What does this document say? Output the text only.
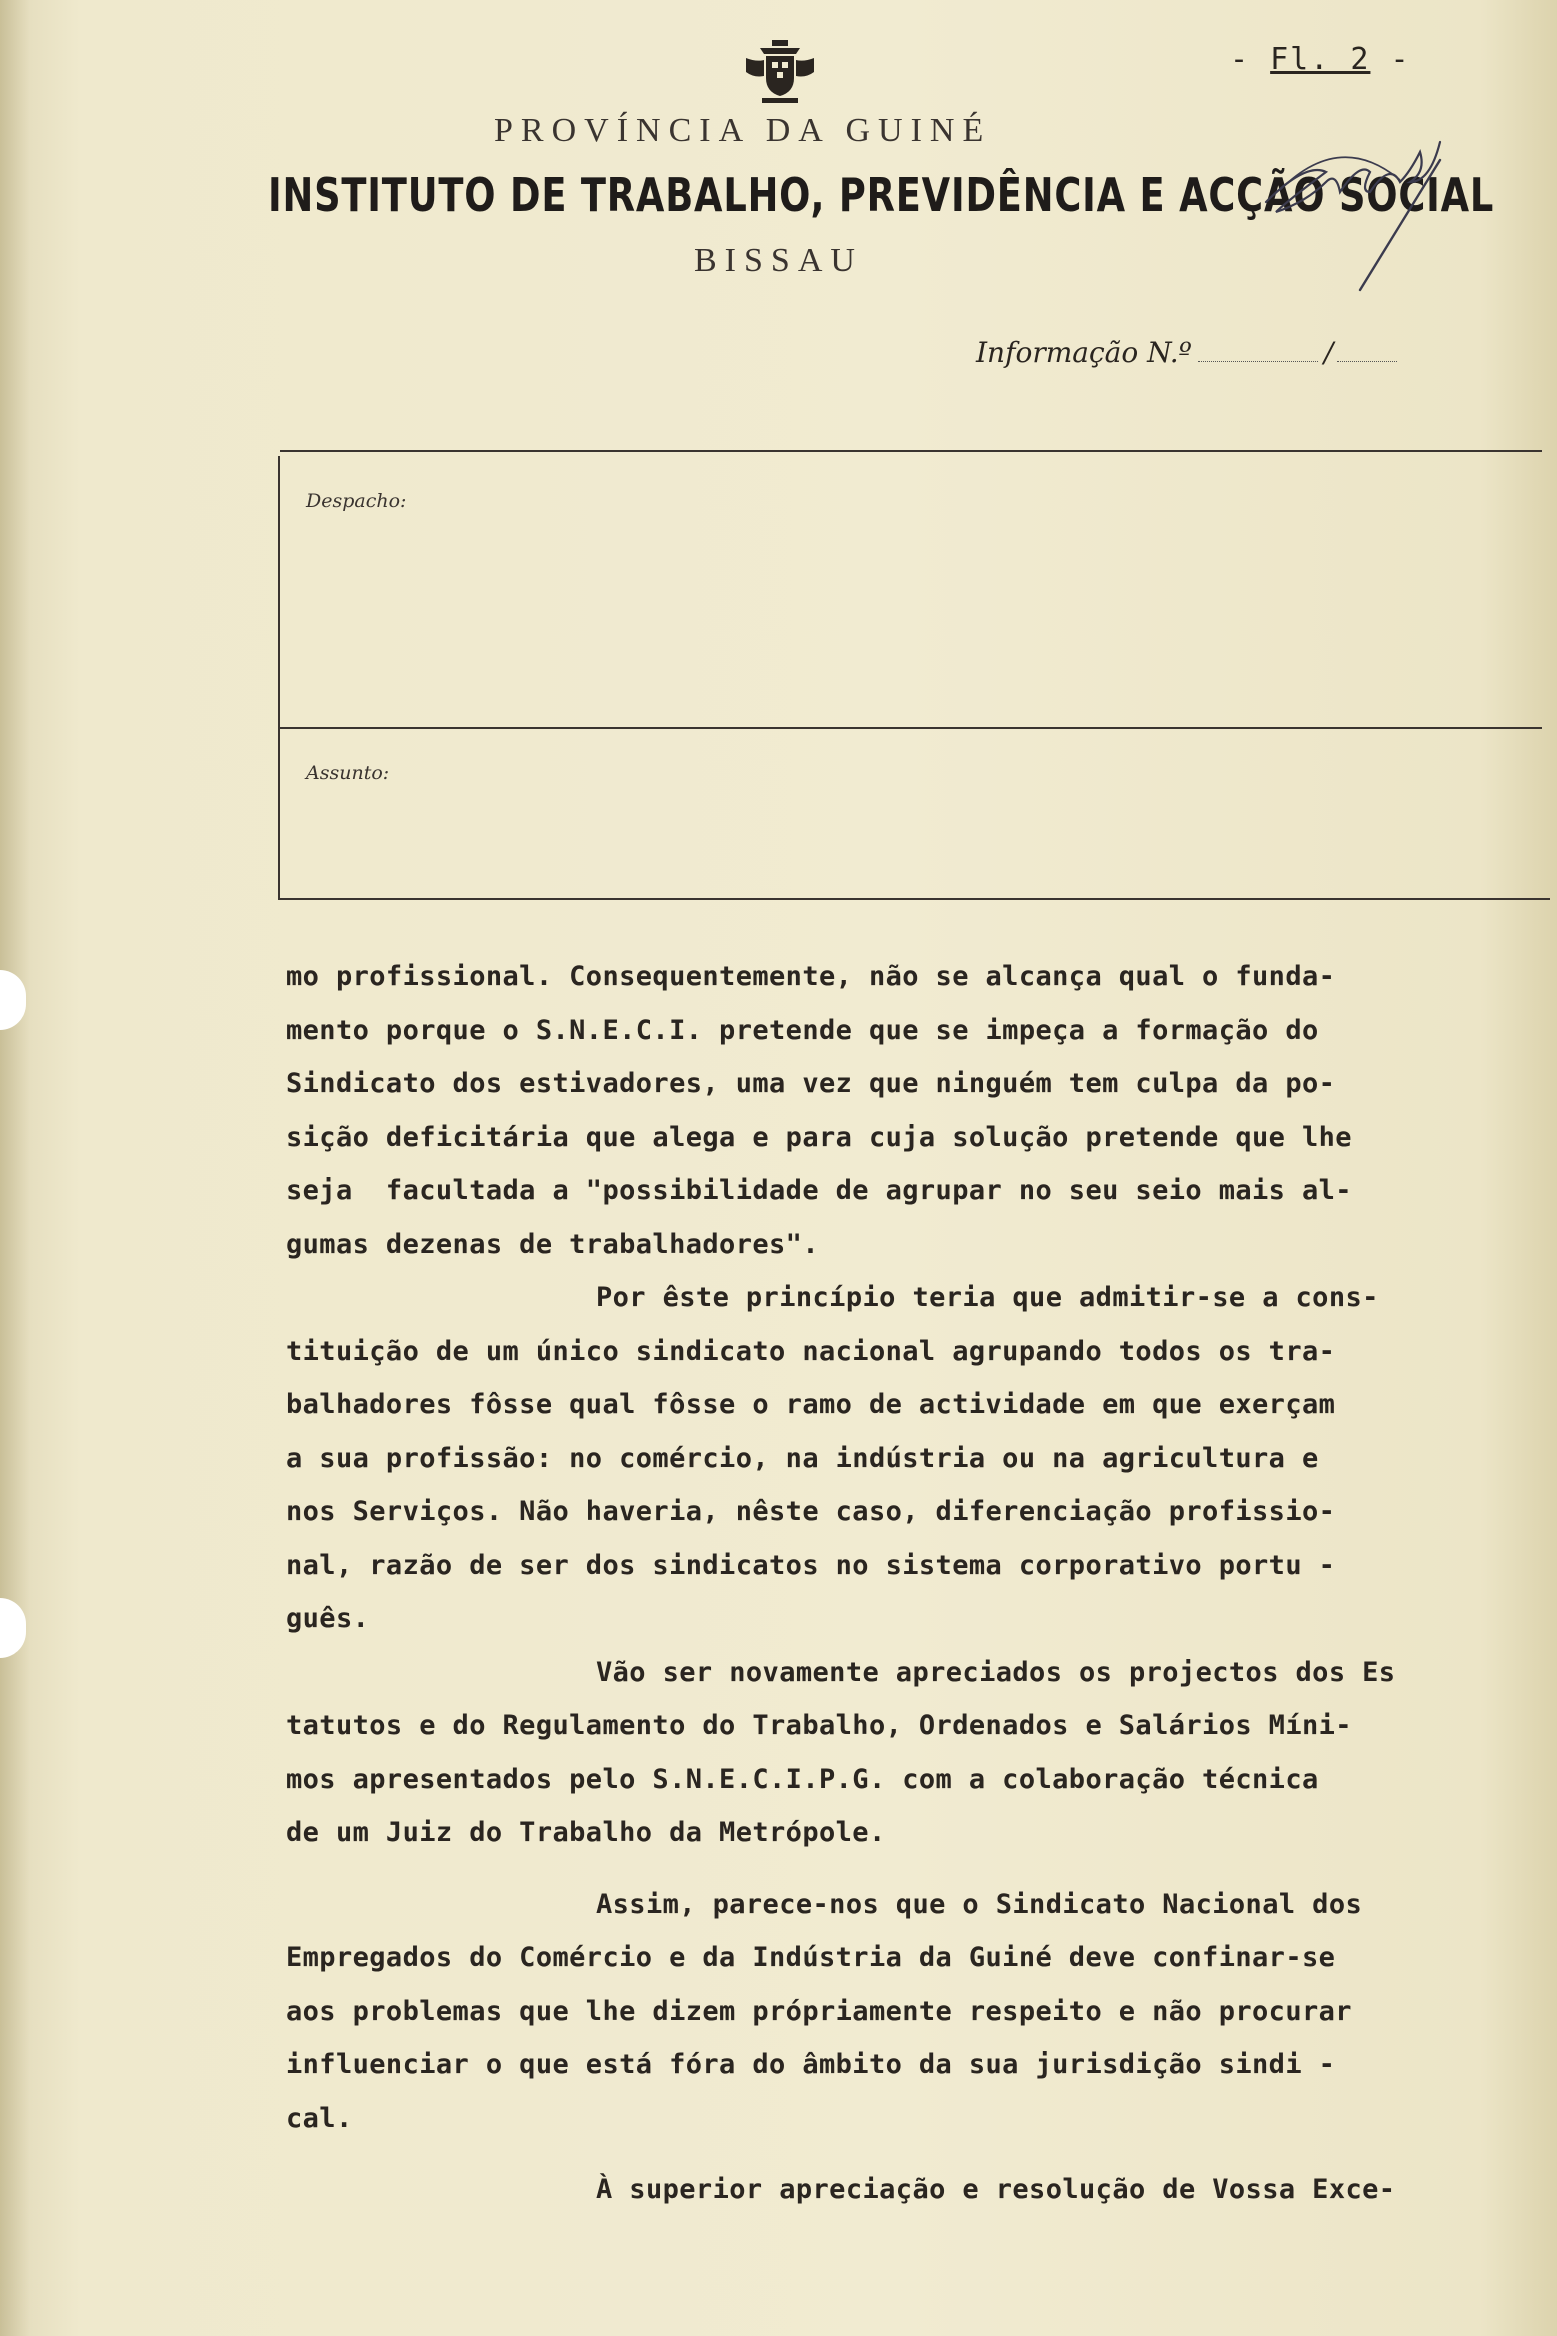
- Fl. 2 -
PROVÍNCIA DA GUINÉ
INSTITUTO DE TRABALHO, PREVIDÊNCIA E ACÇÃO SOCIAL
BISSAU
Informação N.º	/
Despacho:
Assunto:
mo profissional. Consequentemente, não se alcança qual o funda-
mento porque o S.N.E.C.I. pretende que se impeça a formação do
Sindicato dos estivadores, uma vez que ninguém tem culpa da po-
sição deficitária que alega e para cuja solução pretende que lhe
seja  facultada a "possibilidade de agrupar no seu seio mais al-
gumas dezenas de trabalhadores".
Por êste princípio teria que admitir-se a cons-
tituição de um único sindicato nacional agrupando todos os tra-
balhadores fôsse qual fôsse o ramo de actividade em que exerçam
a sua profissão: no comércio, na indústria ou na agricultura e
nos Serviços. Não haveria, nêste caso, diferenciação profissio-
nal, razão de ser dos sindicatos no sistema corporativo portu -
guês.
Vão ser novamente apreciados os projectos dos Es
tatutos e do Regulamento do Trabalho, Ordenados e Salários Míni-
mos apresentados pelo S.N.E.C.I.P.G. com a colaboração técnica
de um Juiz do Trabalho da Metrópole.
Assim, parece-nos que o Sindicato Nacional dos
Empregados do Comércio e da Indústria da Guiné deve confinar-se
aos problemas que lhe dizem própriamente respeito e não procurar
influenciar o que está fóra do âmbito da sua jurisdição sindi -
cal.
À superior apreciação e resolução de Vossa Exce-
